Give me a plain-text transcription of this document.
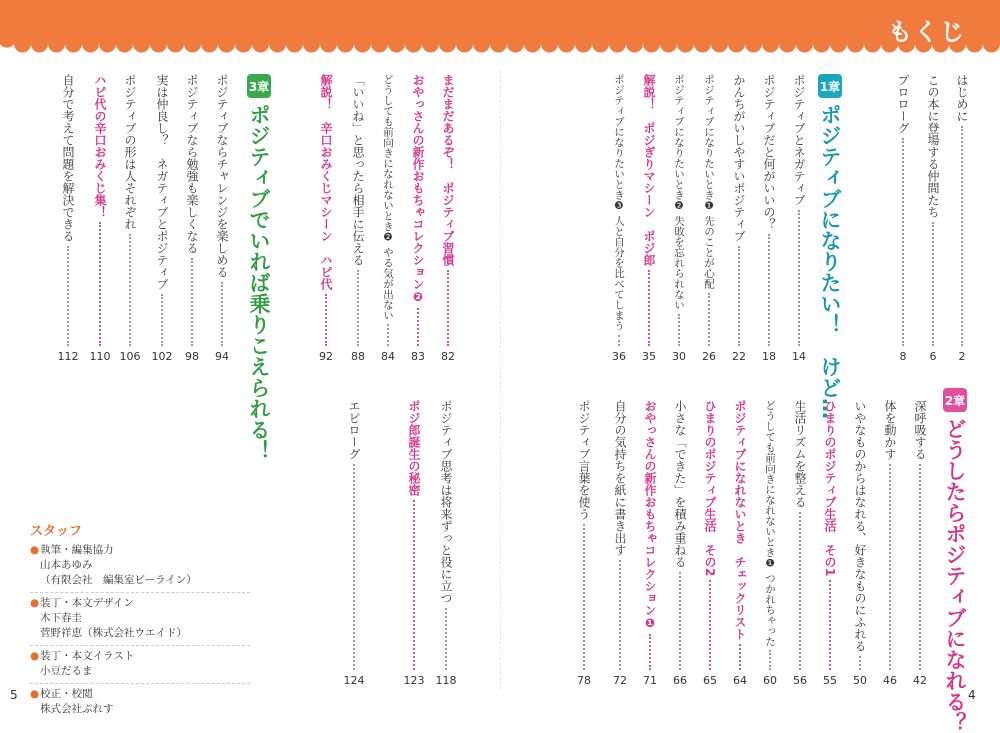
もくじ
はじめに
2
この本に登場する仲間たち
6
プロローグ
8
1章
ポジティブになりたい！　けど…
ポジティブとネガティブ
14
ポジティブだと何がいいの？
18
かんちがいしやすいポジティブ
22
ポジティブになりたいとき❶ 先のことが心配
26
ポジティブになりたいとき❷ 失敗を忘れられない
30
解説！　ポジぎりマシーン　ポジ郎
35
ポジティブになりたいとき❸ 人と自分を比べてしまう
36
2章
どうしたらポジティブになれる？
深呼吸する
42
体を動かす
46
いやなものからはなれる、好きなものにふれる
50
ひまりのポジティブ生活　その1
55
生活リズムを整える
56
どうしても前向きになれないとき❶ つかれちゃった
60
ポジティブになれないとき　チェックリスト
64
ひまりのポジティブ生活　その2
65
小さな「できた」を積み重ねる
66
おやっさんの新作おもちゃコレクション❶
71
自分の気持ちを紙に書き出す
72
ポジティブ言葉を使う
78
4
まだまだあるぞ！　ポジティブ習慣
82
おやっさんの新作おもちゃコレクション❷
83
どうしても前向きになれないとき❷ やる気が出ない
84
「いいね」と思ったら相手に伝える
88
解説！　辛口おみくじマシーン　ハピ代
92
3章
ポジティブでいれば乗りこえられる！
ポジティブならチャレンジを楽しめる
94
ポジティブなら勉強も楽しくなる
98
実は仲良し？　ネガティブとポジティブ
102
ポジティブの形は人それぞれ
106
ハピ代の辛口おみくじ集！
110
自分で考えて問題を解決できる
112
ポジティブ思考は将来ずっと役に立つ
118
ポジ郎誕生の秘密
123
エピローグ
124
スタッフ
● 執筆・編集協力
山本あゆみ
（有限会社　編集室ビーライン）
● 装丁・本文デザイン
木下春圭
菅野祥恵（株式会社ウエイド）
● 装丁・本文イラスト
小豆だるま
● 校正・校閲
株式会社ぷれす
5
